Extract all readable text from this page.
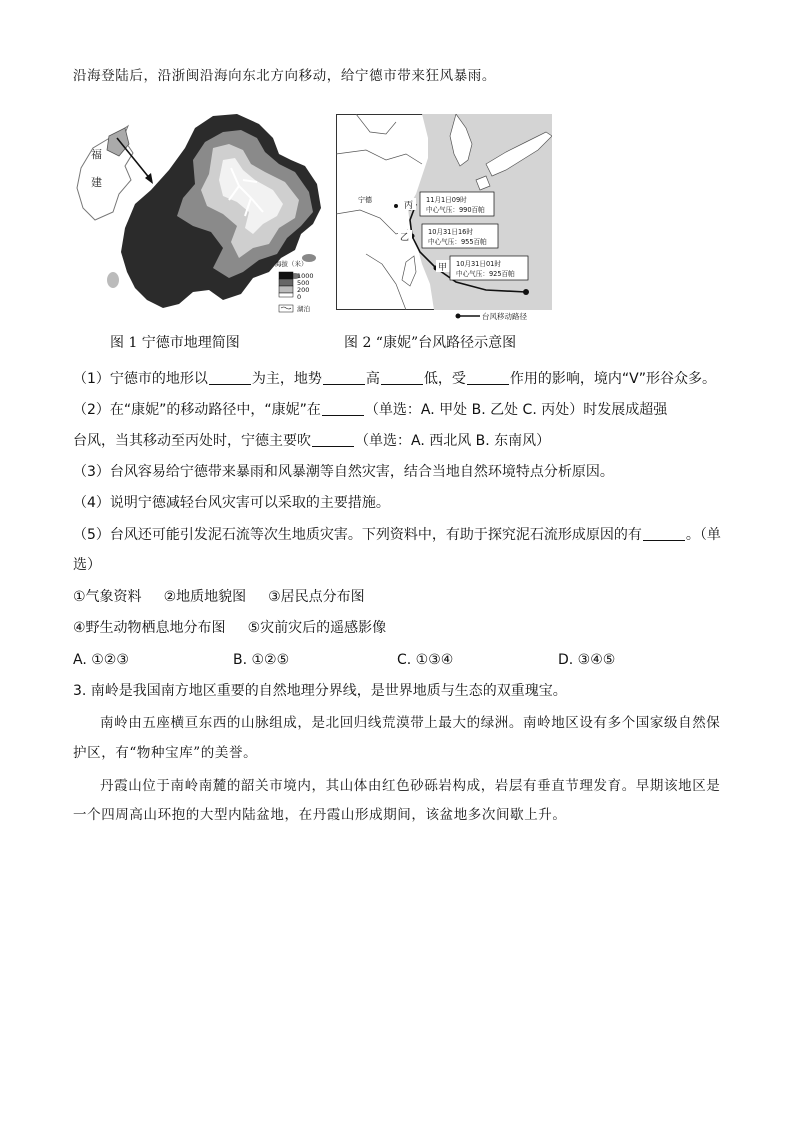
沿海登陆后，沿浙闽沿海向东北方向移动，给宁德市带来狂风暴雨。
福
建
海拔（米）
1000
500
200
0
湖泊
宁德
丙
乙
甲
11月1日09时
中心气压：990百帕
10月31日16时
中心气压：955百帕
10月31日01时
中心气压：925百帕
台风移动路径
图 1 宁德市地理简图	图 2 “康妮”台风路径示意图
（1）宁德市的地形以	为主，地势	高	低，受	作用的影响，境内“V”形谷众多。
（2）在“康妮”的移动路径中，“康妮”在	（单选：A. 甲处 B. 乙处 C. 丙处）时发展成超强
台风，当其移动至丙处时，宁德主要吹	（单选：A. 西北风 B. 东南风）
（3）台风容易给宁德带来暴雨和风暴潮等自然灾害，结合当地自然环境特点分析原因。
（4）说明宁德减轻台风灾害可以采取的主要措施。
（5）台风还可能引发泥石流等次生地质灾害。下列资料中，有助于探究泥石流形成原因的有	。（单
选）
①气象资料 ②地质地貌图 ③居民点分布图
④野生动物栖息地分布图 ⑤灾前灾后的遥感影像
A. ①②③	B. ①②⑤	C. ①③④	D. ③④⑤
3. 南岭是我国南方地区重要的自然地理分界线，是世界地质与生态的双重瑰宝。
南岭由五座横亘东西的山脉组成，是北回归线荒漠带上最大的绿洲。南岭地区设有多个国家级自然保
护区，有“物种宝库”的美誉。
丹霞山位于南岭南麓的韶关市境内，其山体由红色砂砾岩构成，岩层有垂直节理发育。早期该地区是
一个四周高山环抱的大型内陆盆地，在丹霞山形成期间，该盆地多次间歇上升。
